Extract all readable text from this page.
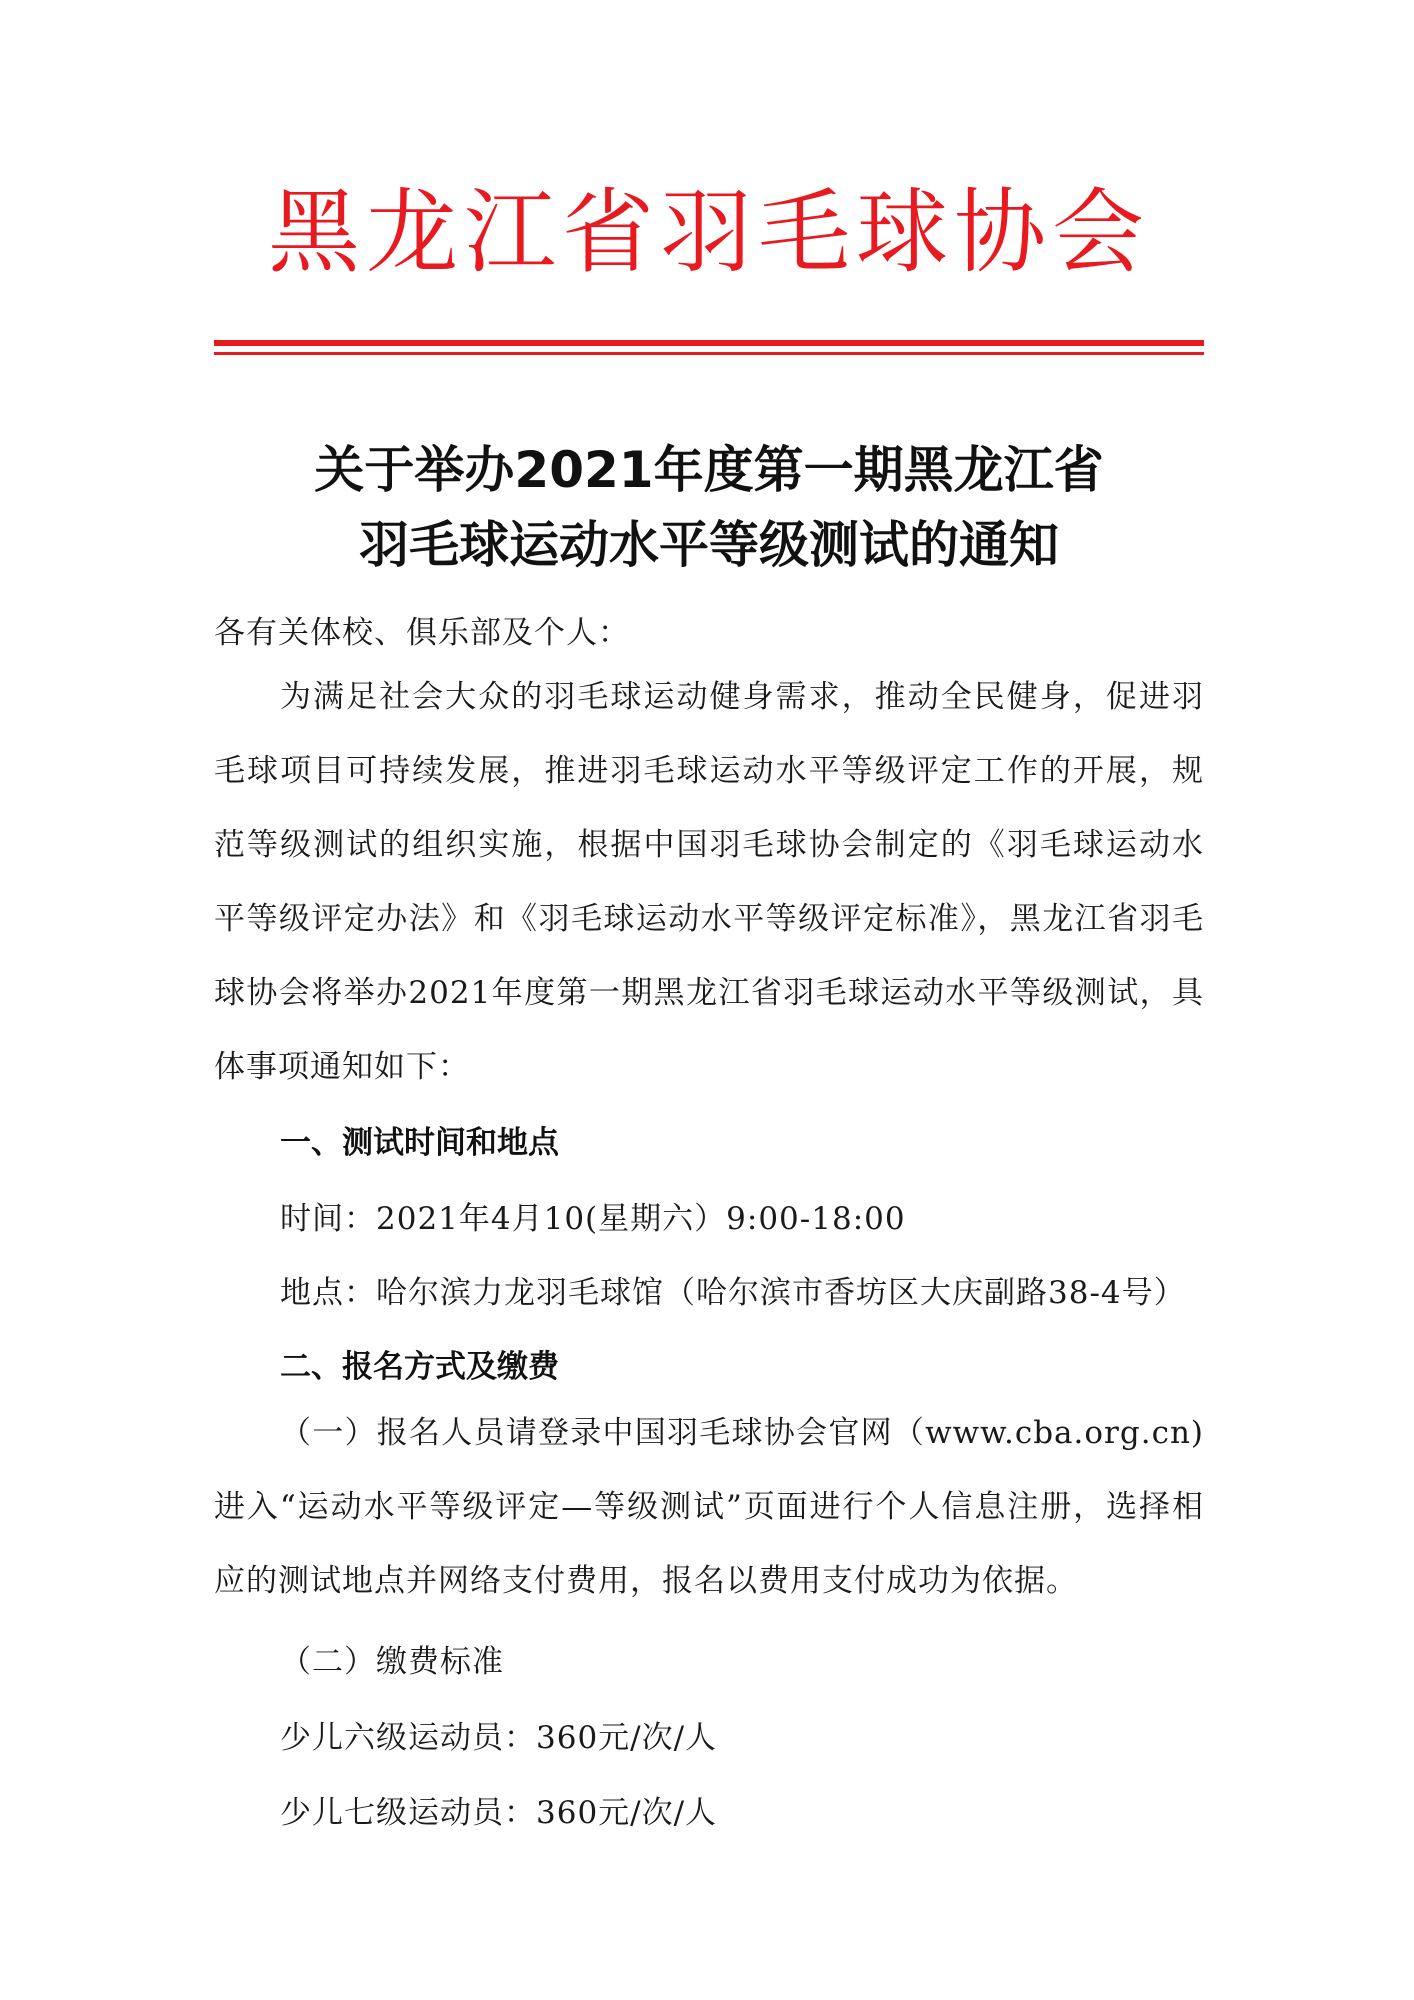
黑龙江省羽毛球协会
关于举办2021年度第一期黑龙江省
羽毛球运动水平等级测试的通知
各有关体校、俱乐部及个人：
为满足社会大众的羽毛球运动健身需求，推动全民健身，促进羽毛球项目可持续发展，推进羽毛球运动水平等级评定工作的开展，规范等级测试的组织实施，根据中国羽毛球协会制定的《羽毛球运动水平等级评定办法》和《羽毛球运动水平等级评定标准》，黑龙江省羽毛球协会将举办2021年度第一期黑龙江省羽毛球运动水平等级测试，具体事项通知如下：
一、测试时间和地点
时间：2021年4月10(星期六）9:00-18:00
地点：哈尔滨力龙羽毛球馆（哈尔滨市香坊区大庆副路38-4号）
二、报名方式及缴费
（一）报名人员请登录中国羽毛球协会官网（www.cba.org.cn)进入“运动水平等级评定—等级测试”页面进行个人信息注册，选择相应的测试地点并网络支付费用，报名以费用支付成功为依据。
（二）缴费标准
少儿六级运动员：360元/次/人
少儿七级运动员：360元/次/人
